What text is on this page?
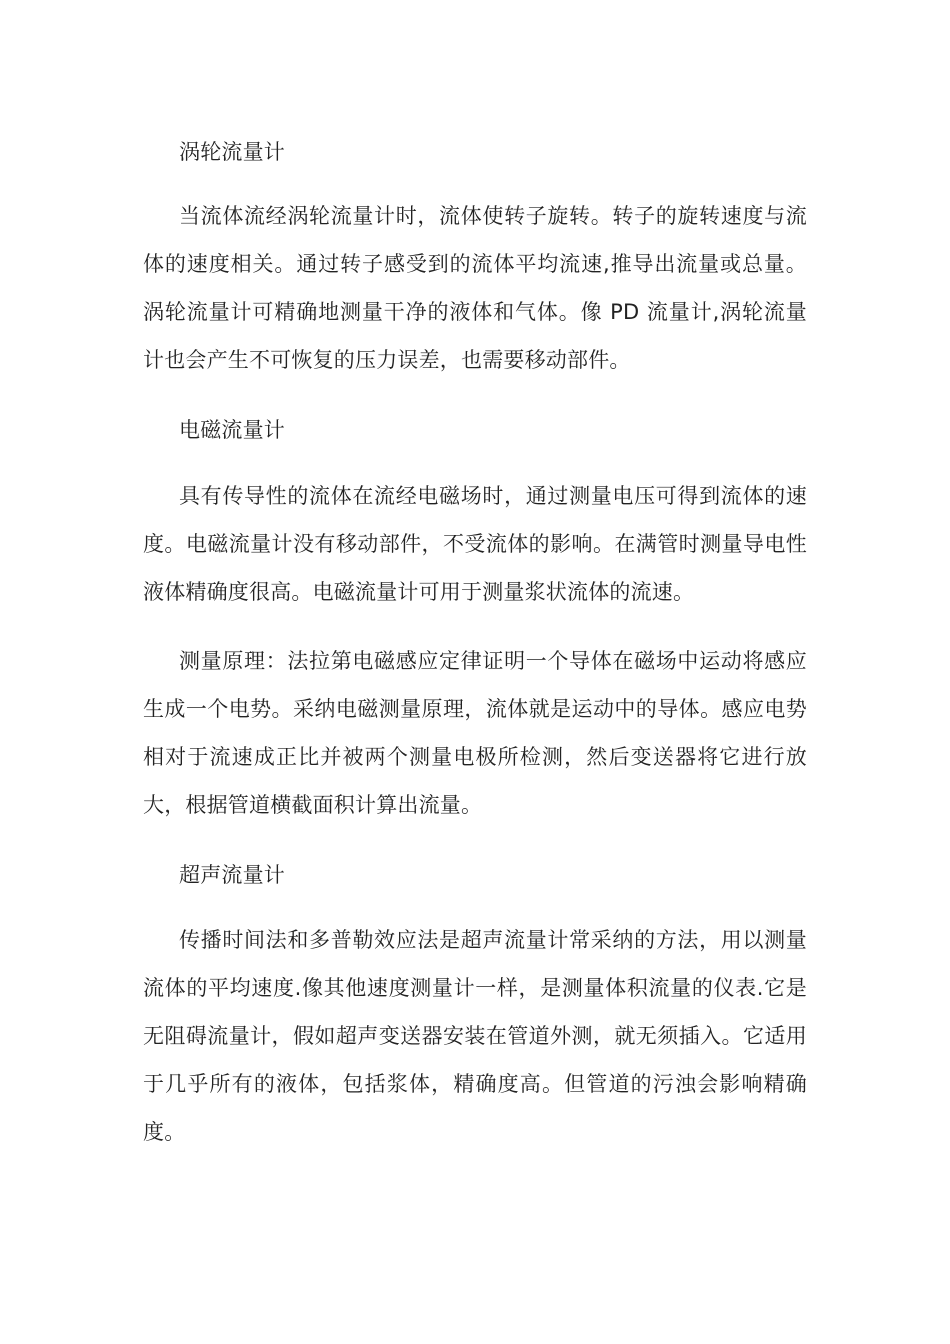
涡轮流量计

当流体流经涡轮流量计时，流体使转子旋转。转子的旋转速度与流体的速度相关。通过转子感受到的流体平均流速,推导出流量或总量。涡轮流量计可精确地测量干净的液体和气体。像 PD 流量计,涡轮流量计也会产生不可恢复的压力误差，也需要移动部件。

电磁流量计

具有传导性的流体在流经电磁场时，通过测量电压可得到流体的速度。电磁流量计没有移动部件，不受流体的影响。在满管时测量导电性液体精确度很高。电磁流量计可用于测量浆状流体的流速。

测量原理：法拉第电磁感应定律证明一个导体在磁场中运动将感应生成一个电势。采纳电磁测量原理，流体就是运动中的导体。感应电势相对于流速成正比并被两个测量电极所检测，然后变送器将它进行放大，根据管道横截面积计算出流量。

超声流量计

传播时间法和多普勒效应法是超声流量计常采纳的方法，用以测量流体的平均速度.像其他速度测量计一样，是测量体积流量的仪表.它是无阻碍流量计，假如超声变送器安装在管道外测，就无须插入。它适用于几乎所有的液体，包括浆体，精确度高。但管道的污浊会影响精确度。
